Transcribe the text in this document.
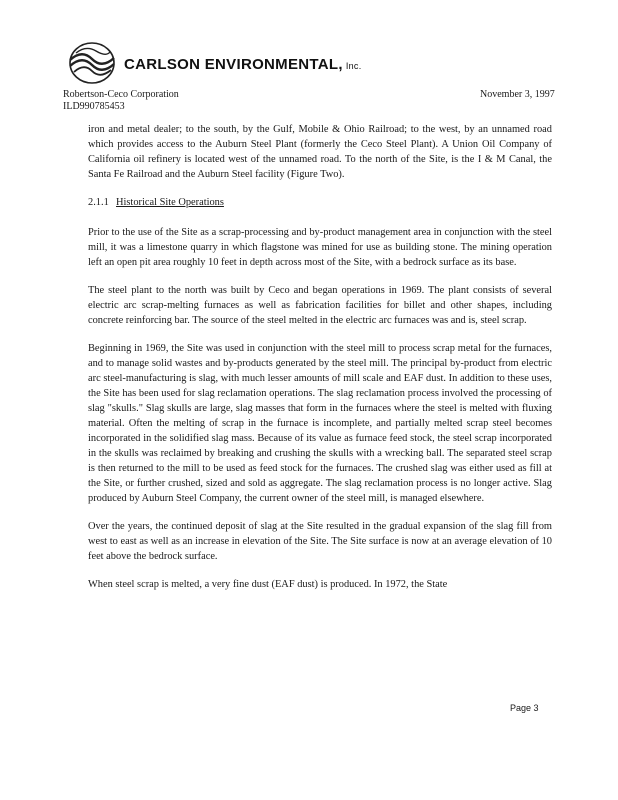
CARLSON ENVIRONMENTAL, Inc.
Robertson-Ceco Corporation
ILD990785453
November 3, 1997

iron and metal dealer; to the south, by the Gulf, Mobile & Ohio Railroad; to the west, by an unnamed road which provides access to the Auburn Steel Plant (formerly the Ceco Steel Plant). A Union Oil Company of California oil refinery is located west of the unnamed road. To the north of the Site, is the I & M Canal, the Santa Fe Railroad and the Auburn Steel facility (Figure Two).

2.1.1 Historical Site Operations

Prior to the use of the Site as a scrap-processing and by-product management area in conjunction with the steel mill, it was a limestone quarry in which flagstone was mined for use as building stone. The mining operation left an open pit area roughly 10 feet in depth across most of the Site, with a bedrock surface as its base.

The steel plant to the north was built by Ceco and began operations in 1969. The plant consists of several electric arc scrap-melting furnaces as well as fabrication facilities for billet and other shapes, including concrete reinforcing bar. The source of the steel melted in the electric arc furnaces was and is, steel scrap.

Beginning in 1969, the Site was used in conjunction with the steel mill to process scrap metal for the furnaces, and to manage solid wastes and by-products generated by the steel mill. The principal by-product from electric arc steel-manufacturing is slag, with much lesser amounts of mill scale and EAF dust. In addition to these uses, the Site has been used for slag reclamation operations. The slag reclamation process involved the processing of slag "skulls." Slag skulls are large, slag masses that form in the furnaces where the steel is melted with fluxing material. Often the melting of scrap in the furnace is incomplete, and partially melted scrap steel becomes incorporated in the solidified slag mass. Because of its value as furnace feed stock, the steel scrap incorporated in the skulls was reclaimed by breaking and crushing the skulls with a wrecking ball. The separated steel scrap is then returned to the mill to be used as feed stock for the furnaces. The crushed slag was either used as fill at the Site, or further crushed, sized and sold as aggregate. The slag reclamation process is no longer active. Slag produced by Auburn Steel Company, the current owner of the steel mill, is managed elsewhere.

Over the years, the continued deposit of slag at the Site resulted in the gradual expansion of the slag fill from west to east as well as an increase in elevation of the Site. The Site surface is now at an average elevation of 10 feet above the bedrock surface.

When steel scrap is melted, a very fine dust (EAF dust) is produced. In 1972, the State

Page 3
